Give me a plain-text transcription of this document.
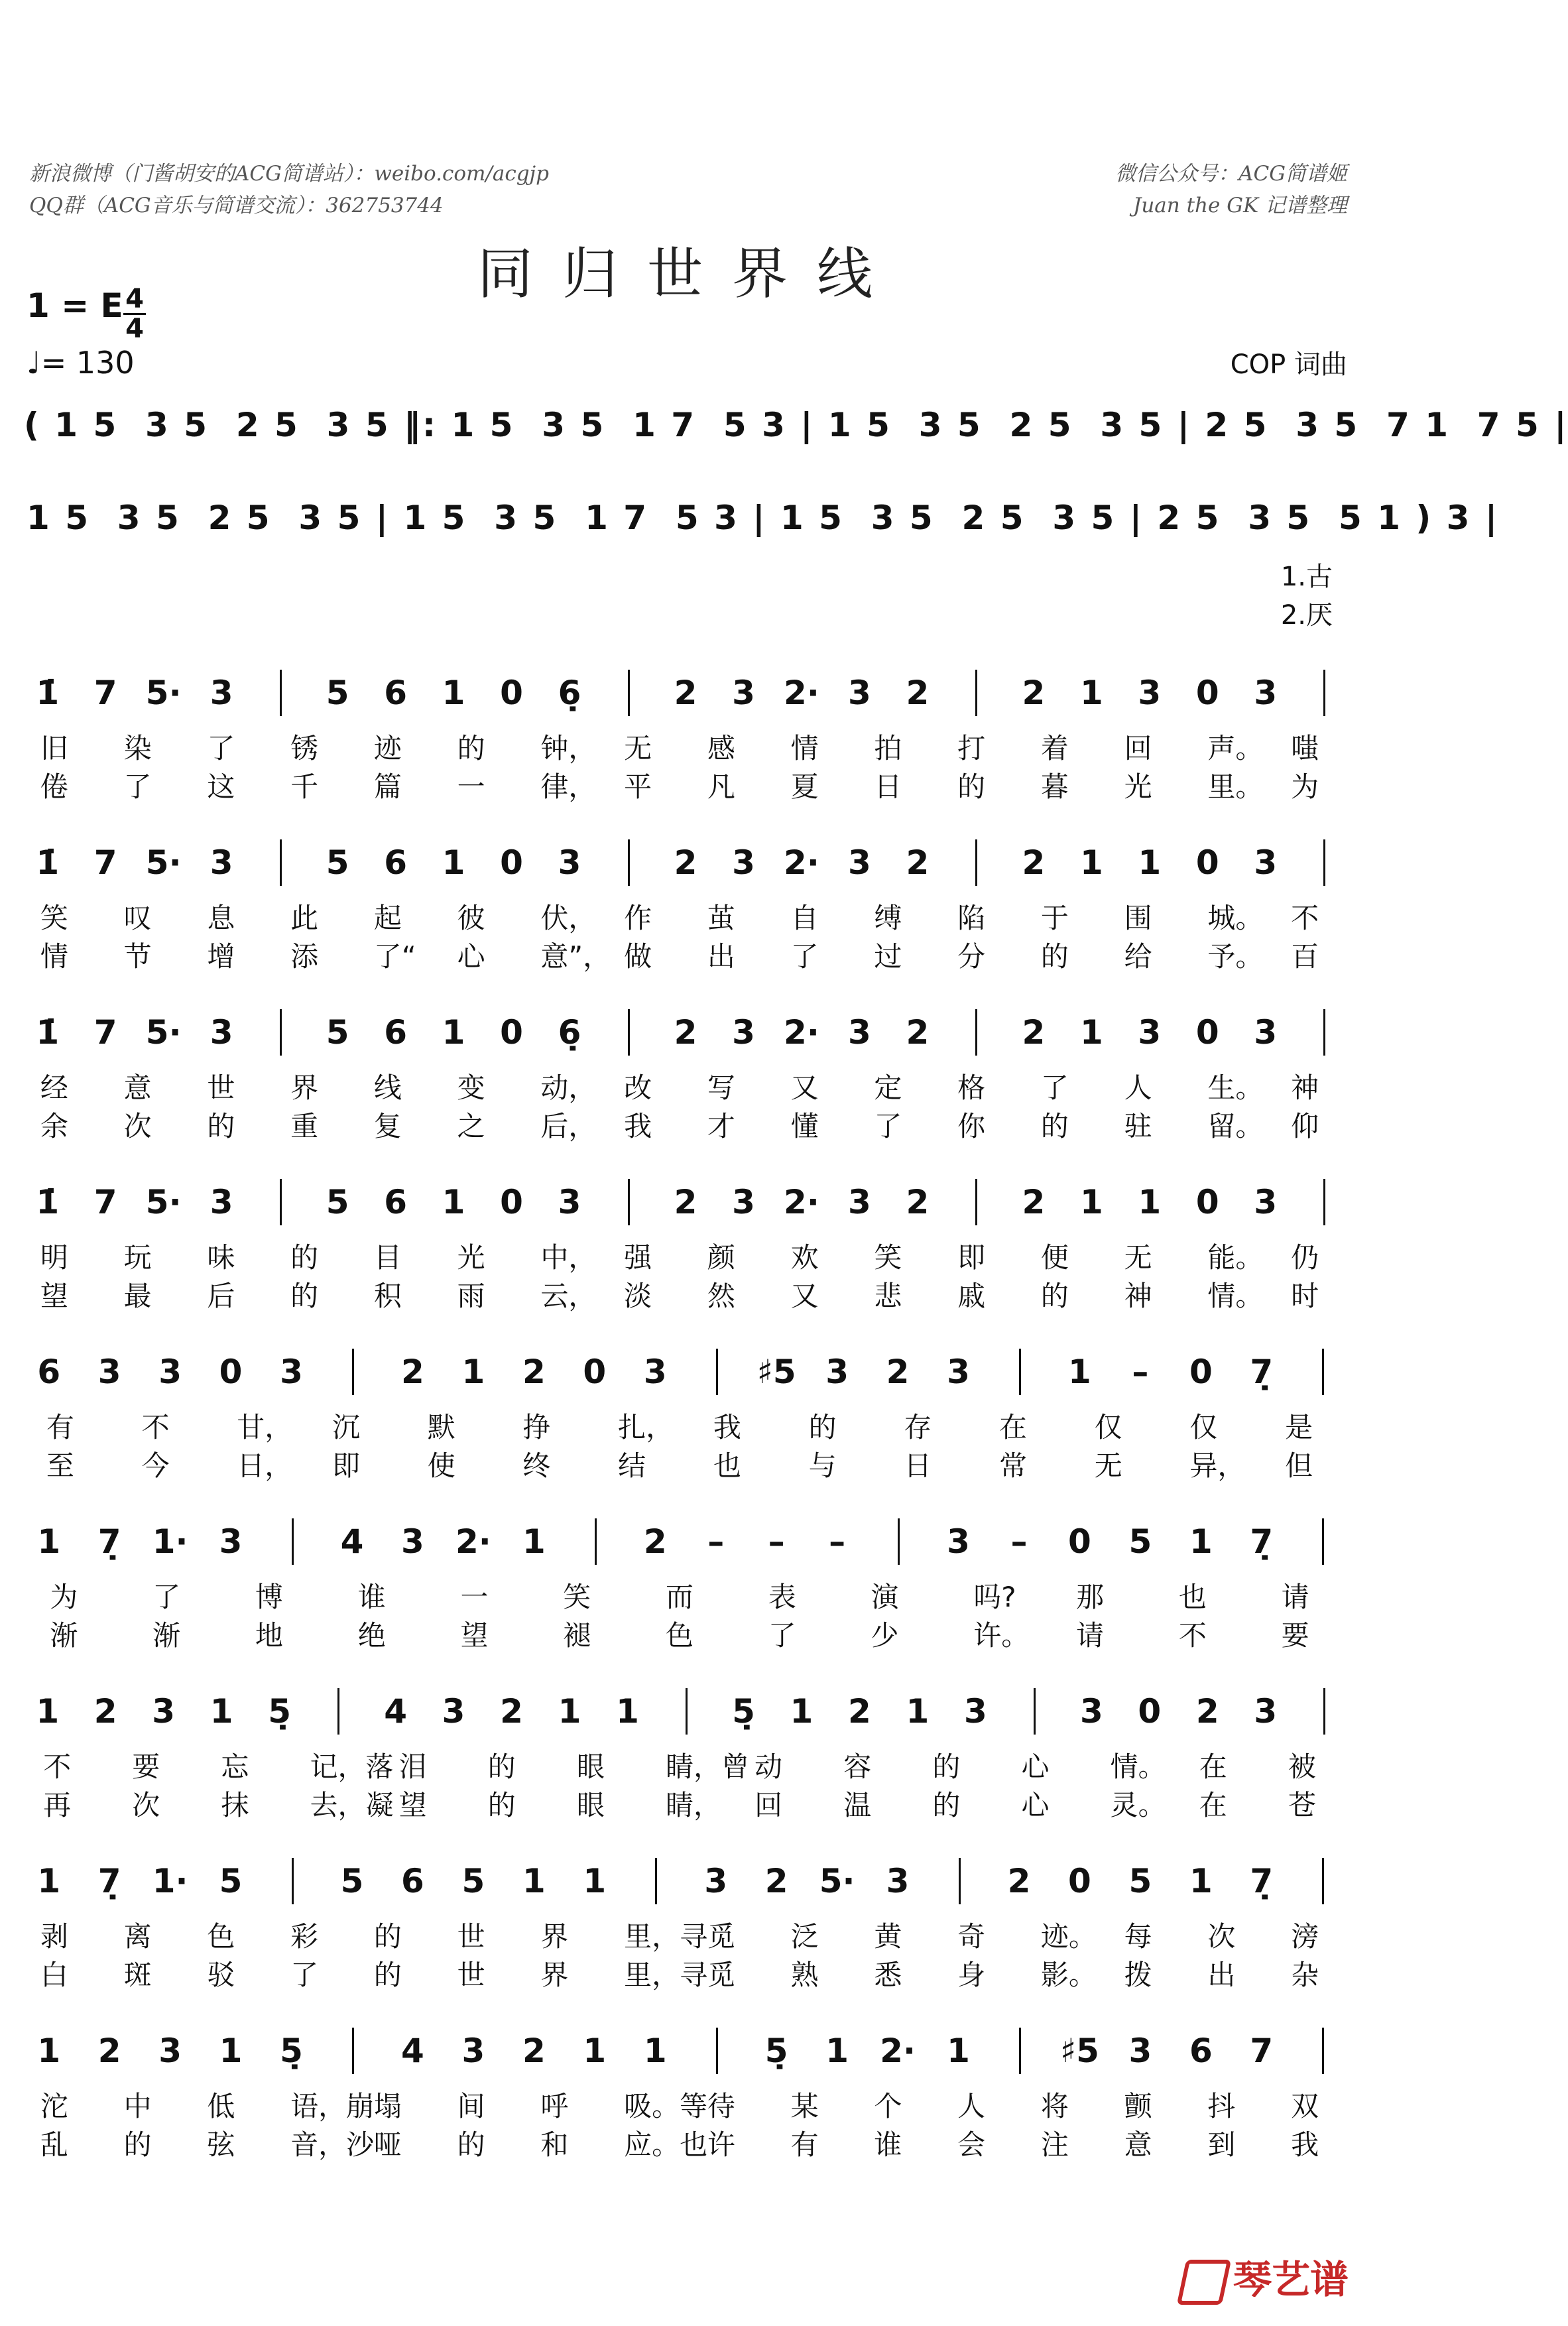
新浪微博（门酱胡安的ACG简谱站）：weibo.com/acgjp
QQ群（ACG音乐与简谱交流）：362753744
微信公众号：ACG简谱姬
Juan the GK 记谱整理
同归世界线
1 = E 4
4
♩= 130	COP 词曲
( 1 5  3 5  2 5  3 5 ‖: 1 5  3 5  1 7  5 3 | 1 5  3 5  2 5  3 5 | 2 5  3 5  7 1  7 5 |
1 5  3 5  2 5  3 5 | 1 5  3 5  1 7  5 3 | 1 5  3 5  2 5  3 5 | 2 5  3 5  5 1 ) 3 |
1.古
2.厌
1̇ 7 5· 3	5 6 1 0 6̣	2 3 2· 3 2	2 1 3 0 3
旧 染 了 锈 迹 的 钟， 无 感 情 拍 打 着 回 声。 嗤
倦 了 这 千 篇 一 律， 平 凡 夏 日 的 暮 光 里。 为
1̇ 7 5· 3	5 6 1 0 3	2 3 2· 3 2	2 1 1 0 3
笑 叹 息 此 起 彼 伏， 作 茧 自 缚 陷 于 围 城。 不
情 节 增 添 了“ 心 意”， 做 出 了 过 分 的 给 予。 百
1̇ 7 5· 3	5 6 1 0 6̣	2 3 2· 3 2	2 1 3 0 3
经 意 世 界 线 变 动， 改 写 又 定 格 了 人 生。 神
余 次 的 重 复 之 后， 我 才 懂 了 你 的 驻 留。 仰
1̇ 7 5· 3	5 6 1 0 3	2 3 2· 3 2	2 1 1 0 3
明 玩 味 的 目 光 中， 强 颜 欢 笑 即 便 无 能。 仍
望 最 后 的 积 雨 云， 淡 然 又 悲 戚 的 神 情。 时
6 3 3 0 3	2 1 2 0 3	♯5 3 2 3	1	–	0 7̣
有 不 甘， 沉 默 挣 扎， 我 的 存 在 仅 仅 是
至 今 日， 即 使 终 结 也 与 日 常 无 异， 但
1 7̣ 1· 3	4 3 2· 1	2	–	–	–	3	–	0 5 1 7̣
为	了	博	谁	一	笑	而	表	演	吗? 那	也	请
渐	渐	地	绝	望	褪	色	了	少	许。 请	不	要
1 2 3 1 5̣	4 3 2 1 1	5̣ 1 2 1 3	3 0 2 3
不 要 忘 记，落 泪 的 眼 睛，曾 动 容 的 心 情。 在 被
再 次 抹 去，凝 望 的 眼 睛， 回 温 的 心 灵。 在 苍
1 7̣ 1· 5	5 6 5 1 1	3 2 5· 3	2 0 5 1 7̣
剥 离 色 彩 的 世 界 里，寻 觅 泛 黄 奇 迹。 每 次 滂
白 斑 驳 了 的 世 界 里，寻 觅 熟 悉 身 影。 拨 出 杂
1 2 3 1 5̣	4 3 2 1 1	5̣ 1 2· 1	♯5 3 6 7
沱 中 低 语，崩 塌 间 呼 吸。等 待 某 个 人 将 颤 抖 双
乱 的 弦 音，沙 哑 的 和 应。也 许 有 谁 会 注 意 到 我
琴艺谱
